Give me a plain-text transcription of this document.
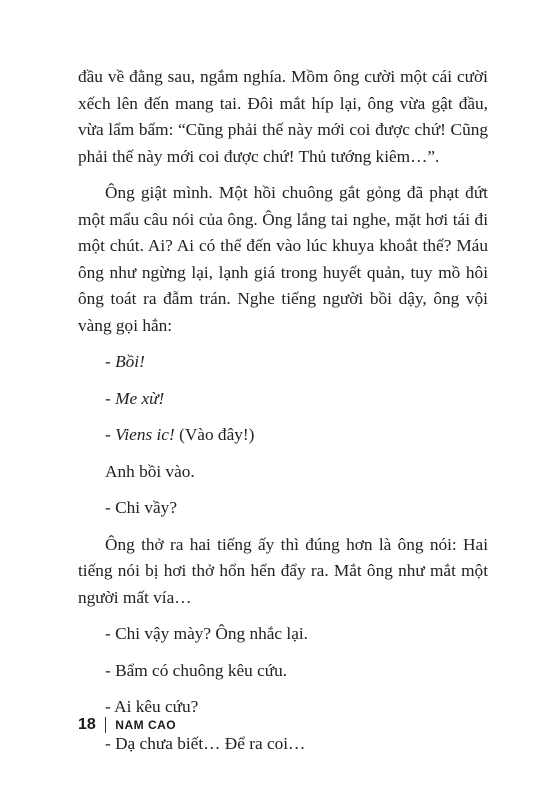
đầu về đằng sau, ngắm nghía. Mồm ông cười một cái cười xếch lên đến mang tai. Đôi mắt híp lại, ông vừa gật đầu, vừa lẩm bẩm: “Cũng phải thế này mới coi được chứ! Cũng phải thế này mới coi được chứ! Thủ tướng kiêm…”.

Ông giật mình. Một hồi chuông gắt gỏng đã phạt đứt một mẩu câu nói của ông. Ông lắng tai nghe, mặt hơi tái đi một chút. Ai? Ai có thể đến vào lúc khuya khoắt thế? Máu ông như ngừng lại, lạnh giá trong huyết quản, tuy mồ hôi ông toát ra đẫm trán. Nghe tiếng người bồi dậy, ông vội vàng gọi hắn:

- Bồi!

- Me xừ!

- Viens ic! (Vào đây!)

Anh bồi vào.

- Chi vầy?

Ông thở ra hai tiếng ấy thì đúng hơn là ông nói: Hai tiếng nói bị hơi thở hổn hển đẩy ra. Mắt ông như mắt một người mất vía…

- Chi vậy mày? Ông nhắc lại.

- Bẩm có chuông kêu cứu.

- Ai kêu cứu?

- Dạ chưa biết… Để ra coi…

18 NAM CAO
